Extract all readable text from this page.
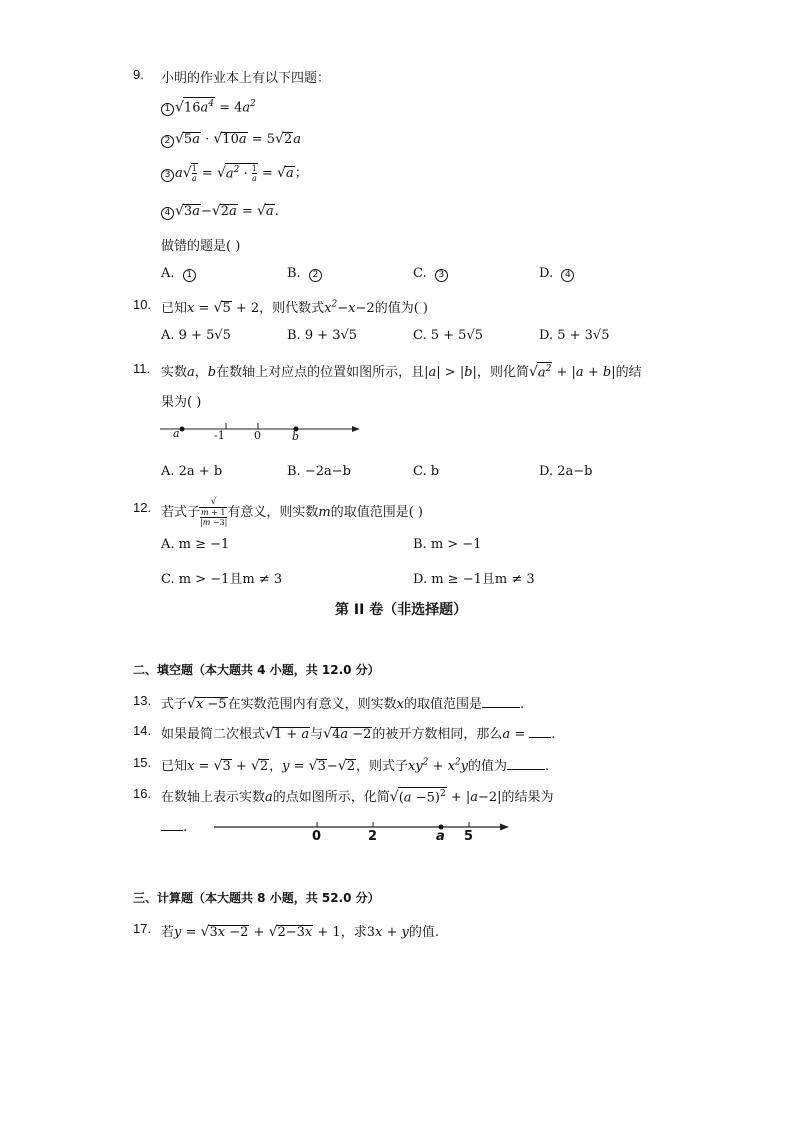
9. 小明的作业本上有以下四题：
1 $√16a^4 = 4a^2$
2 √5a · √10a = 5√2a
3 $a√ \frac{1}{a} = √a^2 \cdot \frac{1}{a} = √a$；
4 √3a−√2a = √a.
做错的题是( )
A. 1	B. 2	C. 3	D. 4
10. 已知x = √5 + 2，则代数式$x^2-x-2$的值为( )
A. 9 + 5√5	B. 9 + 3√5	C. 5 + 5√5	D. 5 + 3√5
11. 实数a，b在数轴上对应点的位置如图所示，且|a| > |b|，则化简$√a^2 + |a + b|$的结
果为( )
a	-1	0	b
A. 2a + b	B. −2a−b	C. b	D. 2a−b
12. 若式子 √
m + 1
|m −3| 有意义，则实数m的取值范围是( )
A. m ≥ −1	B. m > −1
C. m > −1且m ≠ 3	D. m ≥ −1且m ≠ 3
第 II 卷（非选择题）
二、填空题（本大题共 4 小题，共 12.0 分）
13. 式子√x −5在实数范围内有意义，则实数x的取值范围是	.
14. 如果最简二次根式√1 + a与√4a −2的被开方数相同，那么a = .
15. 已知x = √3 + √2，y = √3−√2，则式子$xy^2 + x^2y$的值为	.
16. 在数轴上表示实数a的点如图所示，化简$√(a -5)^2 + |a-2|$的结果为
.
0	2	a 5
三、计算题（本大题共 8 小题，共 52.0 分）
17. 若y = √3x −2 + √2−3x + 1，求3x + y的值.
